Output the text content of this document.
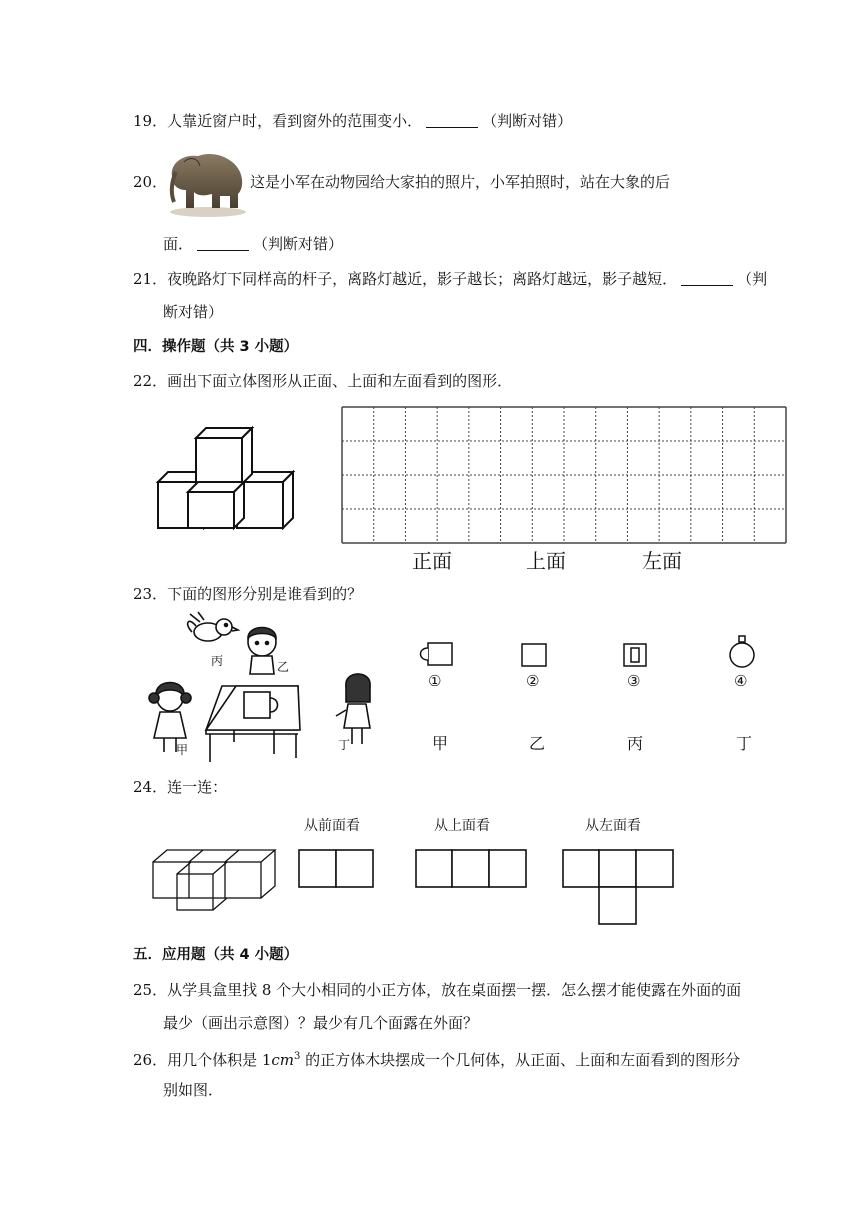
19．人靠近窗户时，看到窗外的范围变小．	（判断对错）
20．	这是小军在动物园给大家拍的照片，小军拍照时，站在大象的后
面．	（判断对错）
21．夜晚路灯下同样高的杆子，离路灯越近，影子越长；离路灯越远，影子越短．	（判
断对错）
四．操作题（共 3 小题）
22．画出下面立体图形从正面、上面和左面看到的图形．
正面	上面	左面
23．下面的图形分别是谁看到的？
丙	乙
甲	丁
①	②	③	④
甲	乙	丙	丁
24．连一连：
从前面看	从上面看	从左面看
五．应用题（共 4 小题）
25．从学具盒里找 8 个大小相同的小正方体，放在桌面摆一摆．怎么摆才能使露在外面的面
最少（画出示意图）？最少有几个面露在外面？
26．用几个体积是 $1cm^3$ 的正方体木块摆成一个几何体，从正面、上面和左面看到的图形分
别如图．
